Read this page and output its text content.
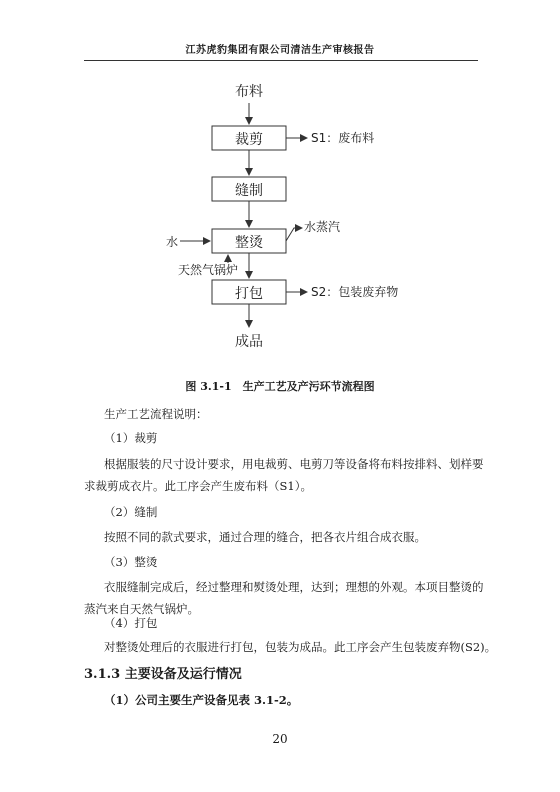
江苏虎豹集团有限公司清洁生产审核报告
布料
裁剪	S1：废布料
缝制
整烫
水
水蒸汽
天然气锅炉
打包	S2：包装废弃物
成品
图 3.1-1　生产工艺及产污环节流程图
生产工艺流程说明：
（1）裁剪
根据服装的尺寸设计要求，用电裁剪、电剪刀等设备将布料按排料、划样要
求裁剪成衣片。此工序会产生废布料（S1）。
（2）缝制
按照不同的款式要求，通过合理的缝合，把各衣片组合成衣服。
（3）整烫
衣服缝制完成后，经过整理和熨烫处理，达到；理想的外观。本项目整烫的
蒸汽来自天然气锅炉。
（4）打包
对整烫处理后的衣服进行打包，包装为成品。此工序会产生包装废弃物(S2)。
3.1.3 主要设备及运行情况
（1）公司主要生产设备见表 3.1-2。
20
